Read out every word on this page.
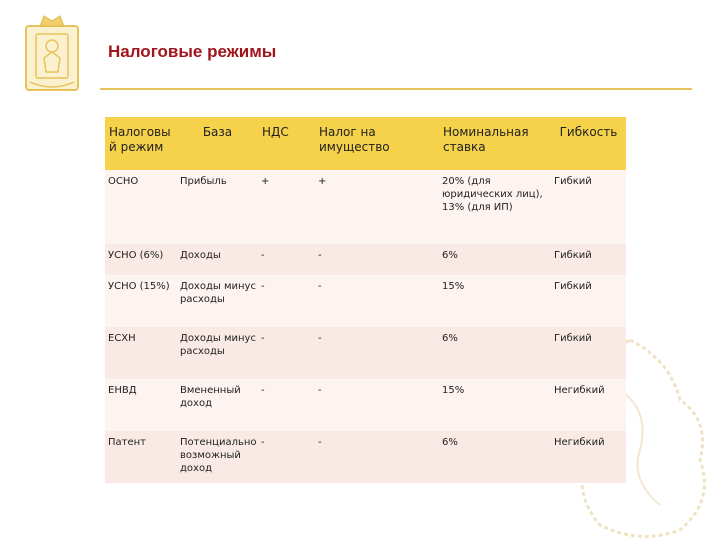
Налоговые режимы
Налоговы й режим	База	НДС	Налог на имущество	Номинальная ставка	Гибкость
ОСНО	Прибыль	+	+	20% (для юридических лиц), 13% (для ИП)	Гибкий
УСНО (6%)	Доходы	-	-	6%	Гибкий
УСНО (15%)	Доходы минус расходы	-	-	15%	Гибкий
ЕСХН	Доходы минус расходы	-	-	6%	Гибкий
ЕНВД	Вмененный доход	-	-	15%	Негибкий
Патент	Потенциально возможный доход	-	-	6%	Негибкий
